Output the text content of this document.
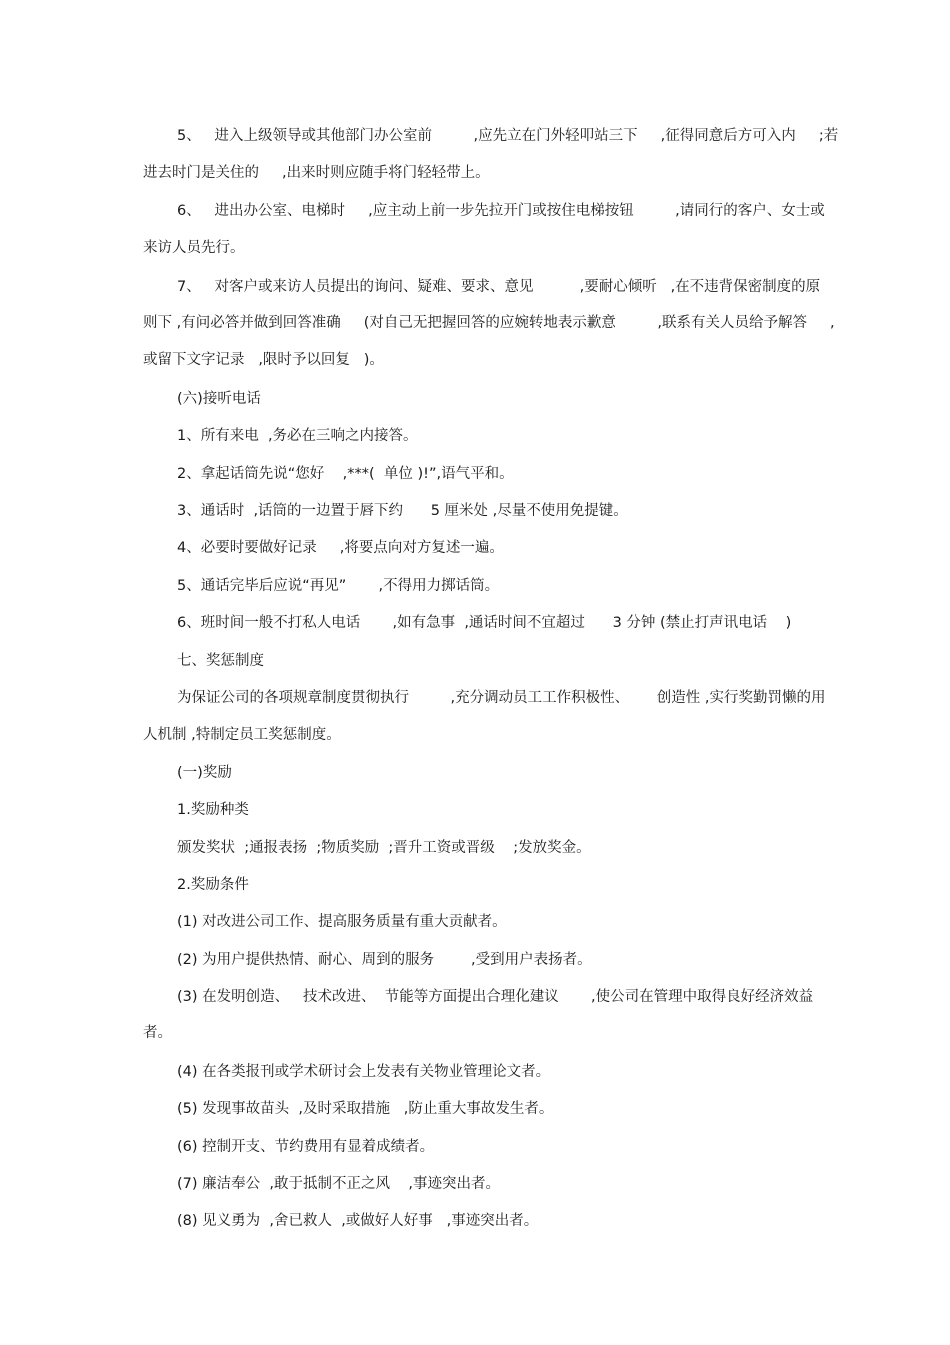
5、   进入上级领导或其他部门办公室前         ,应先立在门外轻叩站三下     ,征得同意后方可入内     ;若
进去时门是关住的     ,出来时则应随手将门轻轻带上。
6、   进出办公室、电梯时     ,应主动上前一步先拉开门或按住电梯按钮         ,请同行的客户、女士或
来访人员先行。
7、   对客户或来访人员提出的询问、疑难、要求、意见          ,要耐心倾听   ,在不违背保密制度的原
则下 ,有问必答并做到回答准确     (对自己无把握回答的应婉转地表示歉意         ,联系有关人员给予解答     ,
或留下文字记录   ,限时予以回复   )。
(六)接听电话
1、所有来电  ,务必在三响之内接答。
2、拿起话筒先说“您好    ,***(  单位 )!”,语气平和。
3、通话时  ,话筒的一边置于唇下约      5 厘米处 ,尽量不使用免提键。
4、必要时要做好记录     ,将要点向对方复述一遍。
5、通话完毕后应说“再见”       ,不得用力掷话筒。
6、班时间一般不打私人电话       ,如有急事  ,通话时间不宜超过      3 分钟 (禁止打声讯电话    )
七、奖惩制度
为保证公司的各项规章制度贯彻执行         ,充分调动员工工作积极性、      创造性 ,实行奖勤罚懒的用
人机制 ,特制定员工奖惩制度。
(一)奖励
1.奖励种类
颁发奖状  ;通报表扬  ;物质奖励  ;晋升工资或晋级    ;发放奖金。
2.奖励条件
(1) 对改进公司工作、提高服务质量有重大贡献者。
(2) 为用户提供热情、耐心、周到的服务        ,受到用户表扬者。
(3) 在发明创造、   技术改进、  节能等方面提出合理化建议       ,使公司在管理中取得良好经济效益
者。
(4) 在各类报刊或学术研讨会上发表有关物业管理论文者。
(5) 发现事故苗头  ,及时采取措施   ,防止重大事故发生者。
(6) 控制开支、节约费用有显着成绩者。
(7) 廉洁奉公  ,敢于抵制不正之风    ,事迹突出者。
(8) 见义勇为  ,舍已救人  ,或做好人好事   ,事迹突出者。
